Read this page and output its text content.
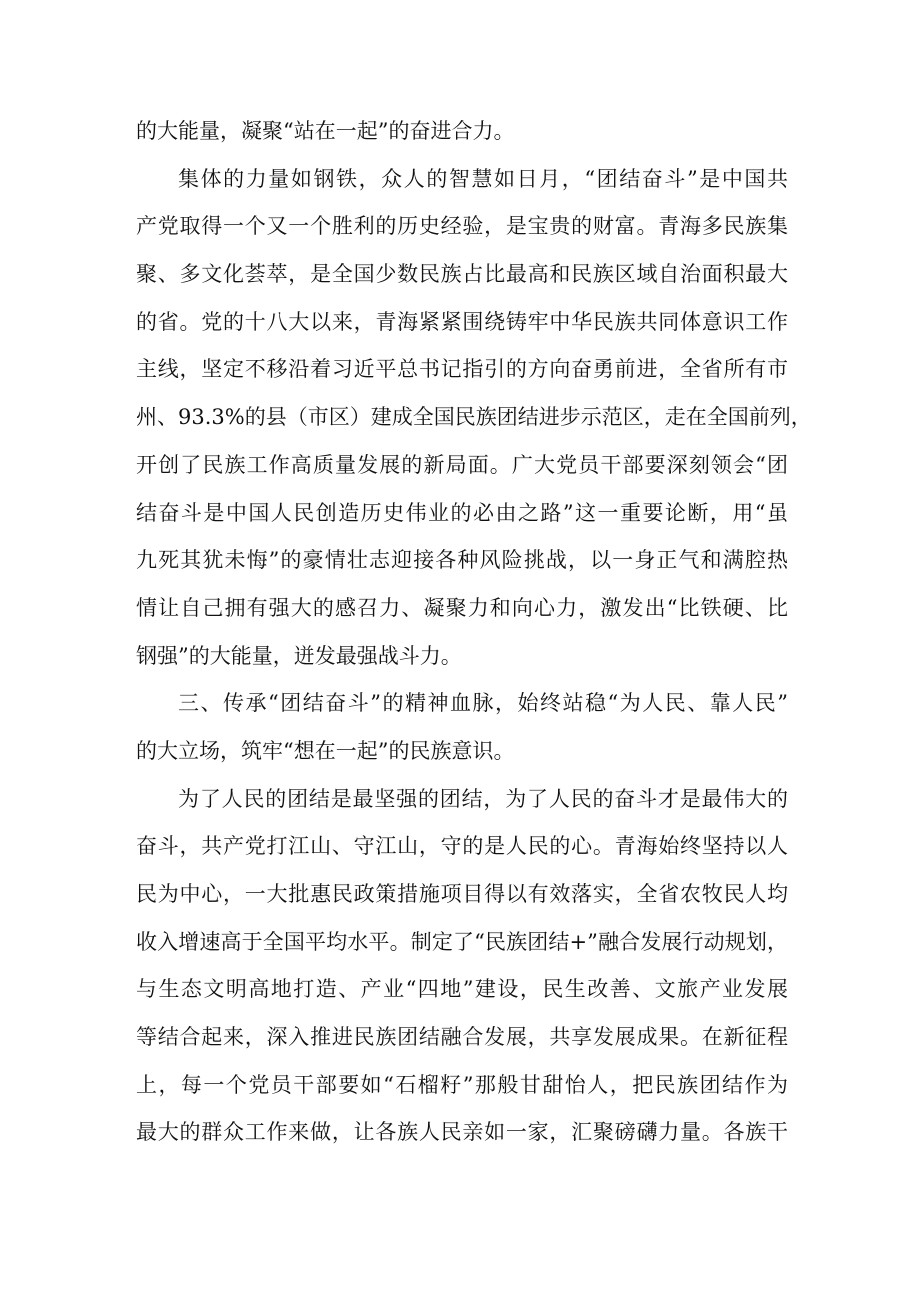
的大能量，凝聚“站在一起”的奋进合力。
集体的力量如钢铁，众人的智慧如日月，“团结奋斗”是中国共
产党取得一个又一个胜利的历史经验，是宝贵的财富。青海多民族集
聚、多文化荟萃，是全国少数民族占比最高和民族区域自治面积最大
的省。党的十八大以来，青海紧紧围绕铸牢中华民族共同体意识工作
主线，坚定不移沿着习近平总书记指引的方向奋勇前进，全省所有市
州、93.3%的县（市区）建成全国民族团结进步示范区，走在全国前列，
开创了民族工作高质量发展的新局面。广大党员干部要深刻领会“团
结奋斗是中国人民创造历史伟业的必由之路”这一重要论断，用“虽
九死其犹未悔”的豪情壮志迎接各种风险挑战，以一身正气和满腔热
情让自己拥有强大的感召力、凝聚力和向心力，激发出“比铁硬、比
钢强”的大能量，迸发最强战斗力。
三、传承“团结奋斗”的精神血脉，始终站稳“为人民、靠人民”
的大立场，筑牢“想在一起”的民族意识。
为了人民的团结是最坚强的团结，为了人民的奋斗才是最伟大的
奋斗，共产党打江山、守江山，守的是人民的心。青海始终坚持以人
民为中心，一大批惠民政策措施项目得以有效落实，全省农牧民人均
收入增速高于全国平均水平。制定了“民族团结+”融合发展行动规划，
与生态文明高地打造、产业“四地”建设，民生改善、文旅产业发展
等结合起来，深入推进民族团结融合发展，共享发展成果。在新征程
上，每一个党员干部要如“石榴籽”那般甘甜怡人，把民族团结作为
最大的群众工作来做，让各族人民亲如一家，汇聚磅礴力量。各族干
